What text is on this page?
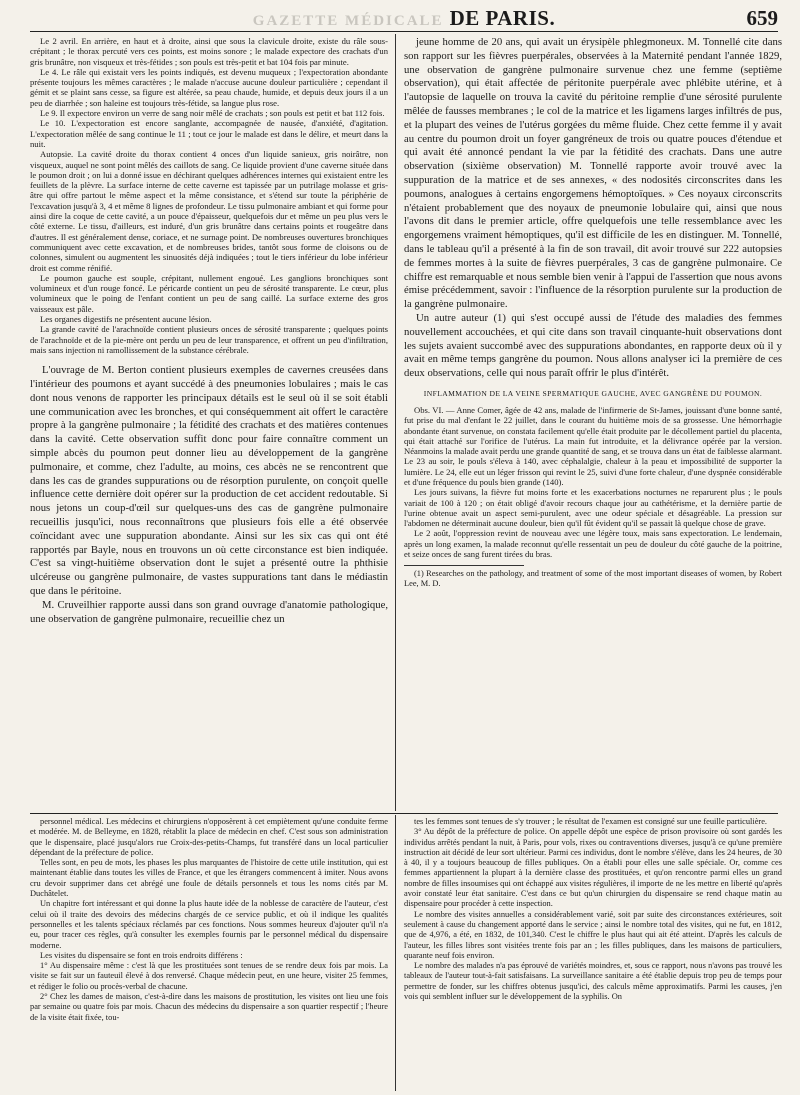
GAZETTE MÉDICALE DE PARIS.	659

Le 2 avril. En arrière, en haut et à droite, ainsi que sous la clavicule droite, existe du râle sous-crépitant ; le thorax percuté vers ces points, est moins sonore ; le malade expectore des crachats d'un gris brunâtre, non visqueux et très-fétides ; son pouls est très-petit et bat 104 fois par minute.

Le 4. Le râle qui existait vers les points indiqués, est devenu muqueux ; l'expectoration abondante présente toujours les mêmes caractères ; le malade n'accuse aucune douleur particulière ; cependant il gémit et se plaint sans cesse, sa figure est altérée, sa peau chaude, humide, et depuis deux jours il a un peu de diarrhée ; son haleine est toujours très-fétide, sa langue plus rose.

Le 9. Il expectore environ un verre de sang noir mêlé de crachats ; son pouls est petit et bat 112 fois.

Le 10. L'expectoration est encore sanglante, accompagnée de nausée, d'anxiété, d'agitation. L'expectoration mêlée de sang continue le 11 ; tout ce jour le malade est dans le délire, et meurt dans la nuit.

Autopsie. La cavité droite du thorax contient 4 onces d'un liquide sanieux, gris noirâtre, non visqueux, auquel ne sont point mêlés des caillots de sang. Ce liquide provient d'une caverne située dans le poumon droit ; on lui a donné issue en déchirant quelques adhérences internes qui existaient entre les feuillets de la plèvre. La surface interne de cette caverne est tapissée par un putrilage molasse et gris-âtre qui offre partout le même aspect et la même consistance, et s'étend sur toute la périphérie de l'excavation jusqu'à 3, 4 et même 8 lignes de profondeur. Le tissu pulmonaire ambiant et qui forme pour ainsi dire la coque de cette cavité, a un pouce d'épaisseur, quelquefois dur et même un peu plus vers le côté externe. Le tissu, d'ailleurs, est induré, d'un gris brunâtre dans certains points et rougeâtre dans d'autres. Il est généralement dense, coriace, et ne surnage point. De nombreuses ouvertures bronchiques communiquent avec cette excavation, et de nombreuses brides, tantôt sous forme de cloisons ou de colonnes, simulent ou augmentent les sinuosités déjà indiquées ; tout le tiers inférieur du lobe inférieur droit est comme rénifié.

Le poumon gauche est souple, crépitant, nullement engoué. Les ganglions bronchiques sont volumineux et d'un rouge foncé. Le péricarde contient un peu de sérosité transparente. Le cœur, plus volumineux que le poing de l'enfant contient un peu de sang caillé. La surface externe des gros vaisseaux est pâle.

Les organes digestifs ne présentent aucune lésion.

La grande cavité de l'arachnoïde contient plusieurs onces de sérosité transparente ; quelques points de l'arachnoïde et de la pie-mère ont perdu un peu de leur transparence, et offrent un peu d'infiltration, mais sans injection ni ramollissement de la substance cérébrale.

L'ouvrage de M. Berton contient plusieurs exemples de cavernes creusées dans l'intérieur des poumons et ayant succédé à des pneumonies lobulaires ; mais le cas dont nous venons de rapporter les principaux détails est le seul où il se soit établi une communication avec les bronches, et qui conséquemment ait offert le caractère propre à la gangrène pulmonaire ; la fétidité des crachats et des matières contenues dans la cavité. Cette observation suffit donc pour faire connaître comment un simple abcès du poumon peut donner lieu au développement de la gangrène pulmonaire, et comme, chez l'adulte, au moins, ces abcès ne se rencontrent que dans les cas de grandes suppurations ou de résorption purulente, on conçoit quelle influence cette dernière doit opérer sur la production de cet accident redoutable. Si nous jetons un coup-d'œil sur quelques-uns des cas de gangrène pulmonaire recueillis jusqu'ici, nous reconnaîtrons que plusieurs fois elle a été observée coïncidant avec une suppuration abondante. Ainsi sur les six cas qui ont été rapportés par Bayle, nous en trouvons un où cette circonstance est bien indiquée. C'est sa vingt-huitième observation dont le sujet a présenté outre la phthisie ulcéreuse ou gangrène pulmonaire, de vastes suppurations tant dans le médiastin que dans le péritoine.

M. Cruveilhier rapporte aussi dans son grand ouvrage d'anatomie pathologique, une observation de gangrène pulmonaire, recueillie chez un

jeune homme de 20 ans, qui avait un érysipèle phlegmoneux. M. Tonnellé cite dans son rapport sur les fièvres puerpérales, observées à la Maternité pendant l'année 1829, une observation de gangrène pulmonaire survenue chez une femme (septième observation), qui était affectée de péritonite puerpérale avec phlébite utérine, et à l'autopsie de laquelle on trouva la cavité du péritoine remplie d'une sérosité purulente mêlée de fausses membranes ; le col de la matrice et les ligamens larges infiltrés de pus, et la plupart des veines de l'utérus gorgées du même fluide. Chez cette femme il y avait au centre du poumon droit un foyer gangréneux de trois ou quatre pouces d'étendue et qui avait été annoncé pendant la vie par la fétidité des crachats. Dans une autre observation (sixième observation) M. Tonnellé rapporte avoir trouvé avec la suppuration de la matrice et de ses annexes, « des nodosités circonscrites dans les poumons, analogues à certains engorgemens hémoptoïques. » Ces noyaux circonscrits n'étaient probablement que des noyaux de pneumonie lobulaire qui, ainsi que nous l'avons dit dans le premier article, offre quelquefois une telle ressemblance avec les engorgemens vraiment hémoptiques, qu'il est difficile de les en distinguer. M. Tonnellé, dans le tableau qu'il a présenté à la fin de son travail, dit avoir trouvé sur 222 autopsies de femmes mortes à la suite de fièvres puerpérales, 3 cas de gangrène pulmonaire. Ce chiffre est remarquable et nous semble bien venir à l'appui de l'assertion que nous avons émise précédemment, savoir : l'influence de la résorption purulente sur la production de la gangrène pulmonaire.

Un autre auteur (1) qui s'est occupé aussi de l'étude des maladies des femmes nouvellement accouchées, et qui cite dans son travail cinquante-huit observations dont les sujets avaient succombé avec des suppurations abondantes, en rapporte deux où il y avait en même temps gangrène du poumon. Nous allons analyser ici la première de ces deux observations, celle qui nous paraît offrir le plus d'intérêt.

INFLAMMATION DE LA VEINE SPERMATIQUE GAUCHE, AVEC GANGRÈNE DU POUMON.

Obs. VI. — Anne Comer, âgée de 42 ans, malade de l'infirmerie de St-James, jouissant d'une bonne santé, fut prise du mal d'enfant le 22 juillet, dans le courant du huitième mois de sa grossesse. Une hémorrhagie abondante étant survenue, on constata facilement qu'elle était produite par le décollement partiel du placenta, qui était attaché sur l'orifice de l'utérus. La main fut introduite, et la délivrance opérée par la version. Néanmoins la malade avait perdu une grande quantité de sang, et se trouva dans un état de faiblesse alarmant. Le 23 au soir, le pouls s'éleva à 140, avec céphalalgie, chaleur à la peau et impossibilité de supporter la lumière. Le 24, elle eut un léger frisson qui revint le 25, suivi d'une forte chaleur, d'une dyspnée considérable et d'une fréquence du pouls bien grande (140).

Les jours suivans, la fièvre fut moins forte et les exacerbations nocturnes ne reparurent plus ; le pouls variait de 100 à 120 ; on était obligé d'avoir recours chaque jour au cathétérisme, et la dernière partie de l'urine obtenue avait un aspect semi-purulent, avec une odeur spéciale et désagréable. La pression sur l'abdomen ne déterminait aucune douleur, bien qu'il fût évident qu'il se passait là quelque chose de grave.

Le 2 août, l'oppression revint de nouveau avec une légère toux, mais sans expectoration. Le lendemain, après un long examen, la malade reconnut qu'elle ressentait un peu de douleur du côté gauche de la poitrine, et seize onces de sang furent tirées du bras.

(1) Researches on the pathology, and treatment of some of the most important diseases of women, by Robert Lee, M. D.

personnel médical. Les médecins et chirurgiens n'opposèrent à cet empiètement qu'une conduite ferme et modérée. M. de Belleyme, en 1828, rétablit la place de médecin en chef. C'est sous son administration que le dispensaire, placé jusqu'alors rue Croix-des-petits-Champs, fut transféré dans un local particulier dépendant de la préfecture de police.

Telles sont, en peu de mots, les phases les plus marquantes de l'histoire de cette utile institution, qui est maintenant établie dans toutes les villes de France, et que les étrangers commencent à imiter. Nous avons cru devoir supprimer dans cet abrégé une foule de détails personnels et tous les noms cités par M. Duchâtelet.

Un chapitre fort intéressant et qui donne la plus haute idée de la noblesse de caractère de l'auteur, c'est celui où il traite des devoirs des médecins chargés de ce service public, et où il indique les qualités personnelles et les talents spéciaux réclamés par ces fonctions. Nous sommes heureux d'ajouter qu'il n'a eu, pour tracer ces règles, qu'à consulter les exemples fournis par le personnel médical du dispensaire moderne.

Les visites du dispensaire se font en trois endroits différens :

1° Au dispensaire même : c'est là que les prostituées sont tenues de se rendre deux fois par mois. La visite se fait sur un fauteuil élevé à dos renversé. Chaque médecin peut, en une heure, visiter 25 femmes, et rédiger le folio ou procès-verbal de chacune.

2° Chez les dames de maison, c'est-à-dire dans les maisons de prostitution, les visites ont lieu une fois par semaine ou quatre fois par mois. Chacun des médecins du dispensaire a son quartier respectif ; l'heure de la visite était fixée, tou-

tes les femmes sont tenues de s'y trouver ; le résultat de l'examen est consigné sur une feuille particulière.

3° Au dépôt de la préfecture de police. On appelle dépôt une espèce de prison provisoire où sont gardés les individus arrêtés pendant la nuit, à Paris, pour vols, rixes ou contraventions diverses, jusqu'à ce qu'une première instruction ait décidé de leur sort ultérieur. Parmi ces individus, dont le nombre s'élève, dans les 24 heures, de 30 à 40, il y a toujours beaucoup de filles publiques. On a établi pour elles une salle spéciale. Or, comme ces femmes appartiennent la plupart à la dernière classe des prostituées, et qu'on rencontre parmi elles un grand nombre de filles insoumises qui ont échappé aux visites régulières, il importe de ne les mettre en liberté qu'après avoir constaté leur état sanitaire. C'est dans ce but qu'un chirurgien du dispensaire se rend chaque matin au dispensaire pour procéder à cette inspection.

Le nombre des visites annuelles a considérablement varié, soit par suite des circonstances extérieures, soit seulement à cause du changement apporté dans le service ; ainsi le nombre total des visites, qui ne fut, en 1812, que de 4,976, a été, en 1832, de 101,340. C'est le chiffre le plus haut qui ait été atteint. D'après les calculs de l'auteur, les filles libres sont visitées trente fois par an ; les filles publiques, dans les maisons de particuliers, quarante neuf fois environ.

Le nombre des malades n'a pas éprouvé de variétés moindres, et, sous ce rapport, nous n'avons pas trouvé les tableaux de l'auteur tout-à-fait satisfaisans. La surveillance sanitaire a été établie depuis trop peu de temps pour permettre de fonder, sur les chiffres obtenus jusqu'ici, des calculs même approximatifs. Parmi les causes, j'en vois qui semblent influer sur le développement de la syphilis. On
